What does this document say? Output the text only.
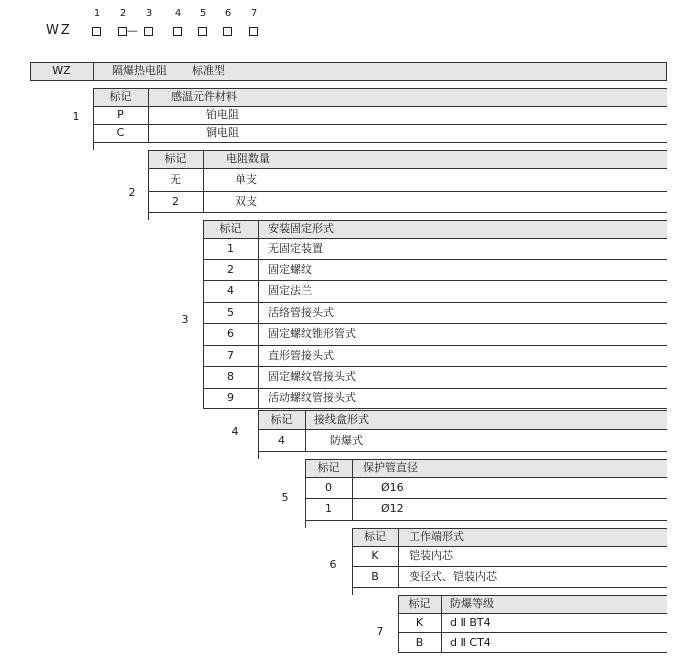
1 2 3 4 5 6 7
WZ	—
WZ	隔爆热电阻 标准型
1
标记	感温元件材料
P	铂电阻
C	铜电阻
2
标记	电阻数量
无	单支
2	双支
3
标记	安装固定形式
1	无固定装置
2	固定螺纹
4	固定法兰
5	活络管接头式
6	固定螺纹锥形管式
7	直形管接头式
8	固定螺纹管接头式
9	活动螺纹管接头式
4
标记	接线盒形式
4	防爆式
5
标记	保护管直径
0	Ø16
1	Ø12
6
标记	工作端形式
K	铠装内芯
B	变径式、铠装内芯
7
标记	防爆等级
K	d Ⅱ BT4
B	d Ⅱ CT4
